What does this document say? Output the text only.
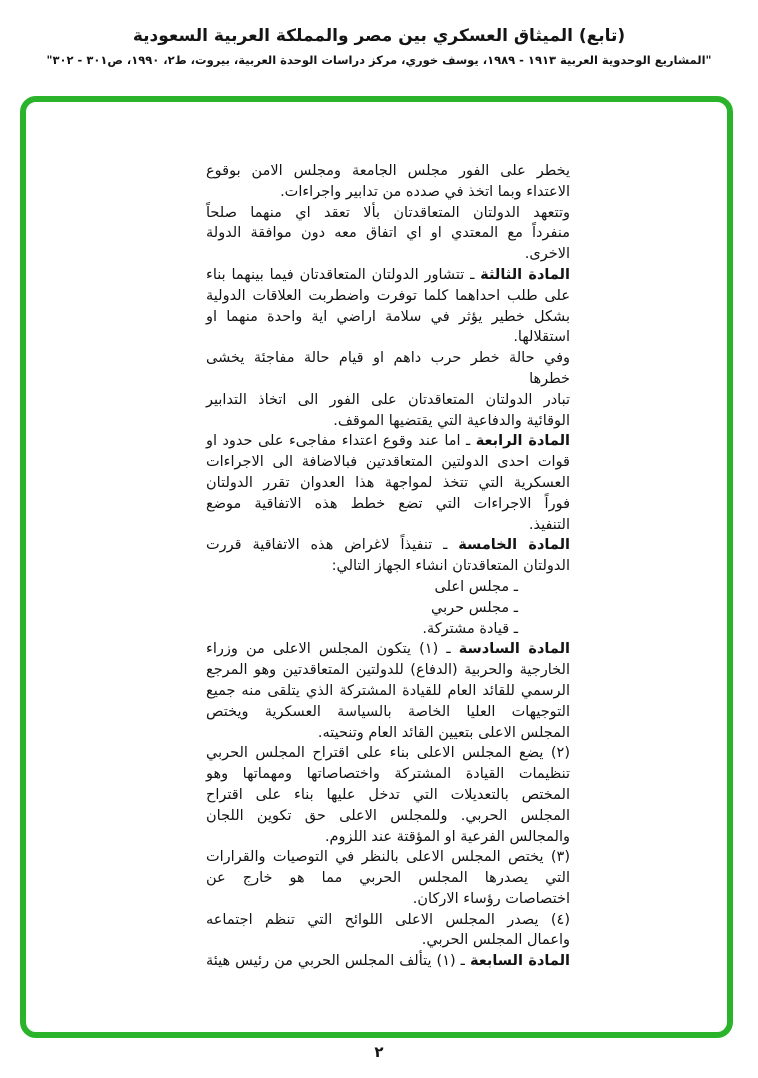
(تابع) الميثاق العسكري بين مصر والمملكة العربية السعودية
"المشاريع الوحدوية العربية ١٩١٣ - ١٩٨٩، يوسف خوري، مركز دراسات الوحدة العربية، بيروت، ط٢، ١٩٩٠، ص٣٠١ - ٣٠٢"
يخطر على الفور مجلس الجامعة ومجلس الامن بوقوع
الاعتداء وبما اتخذ في صدده من تدابير واجراءات.
وتتعهد الدولتان المتعاقدتان بألا تعقد اي منهما صلحاً
منفرداً مع المعتدي او اي اتفاق معه دون موافقة الدولة
الاخرى.
المادة الثالثة ـ تتشاور الدولتان المتعاقدتان فيما بينهما بناء
على طلب احداهما كلما توفرت واضطربت العلاقات الدولية
بشكل خطير يؤثر في سلامة اراضي اية واحدة منهما او
استقلالها.
وفي حالة خطر حرب داهم او قيام حالة مفاجئة يخشى خطرها
تبادر الدولتان المتعاقدتان على الفور الى اتخاذ التدابير
الوقائية والدفاعية التي يقتضيها الموقف.
المادة الرابعة ـ اما عند وقوع اعتداء مفاجىء على حدود او
قوات احدى الدولتين المتعاقدتين فبالاضافة الى الاجراءات
العسكرية التي تتخذ لمواجهة هذا العدوان تقرر الدولتان
فوراً الاجراءات التي تضع خطط هذه الاتفاقية موضع
التنفيذ.
المادة الخامسة ـ تنفيذاً لاغراض هذه الاتفاقية قررت
الدولتان المتعاقدتان انشاء الجهاز التالي:
ـ مجلس اعلى
ـ مجلس حربي
ـ قيادة مشتركة.
المادة السادسة ـ (١) يتكون المجلس الاعلى من وزراء
الخارجية والحربية (الدفاع) للدولتين المتعاقدتين وهو المرجع
الرسمي للقائد العام للقيادة المشتركة الذي يتلقى منه جميع
التوجيهات العليا الخاصة بالسياسة العسكرية ويختص
المجلس الاعلى بتعيين القائد العام وتنحيته.
(٢) يضع المجلس الاعلى بناء على اقتراح المجلس الحربي
تنظيمات القيادة المشتركة واختصاصاتها ومهماتها وهو
المختص بالتعديلات التي تدخل عليها بناء على اقتراح
المجلس الحربي. وللمجلس الاعلى حق تكوين اللجان
والمجالس الفرعية او المؤقتة عند اللزوم.
(٣) يختص المجلس الاعلى بالنظر في التوصيات والقرارات
التي يصدرها المجلس الحربي مما هو خارج عن
اختصاصات رؤساء الاركان.
(٤) يصدر المجلس الاعلى اللوائح التي تنظم اجتماعه
واعمال المجلس الحربي.
المادة السابعة ـ (١) يتألف المجلس الحربي من رئيس هيئة
٢
